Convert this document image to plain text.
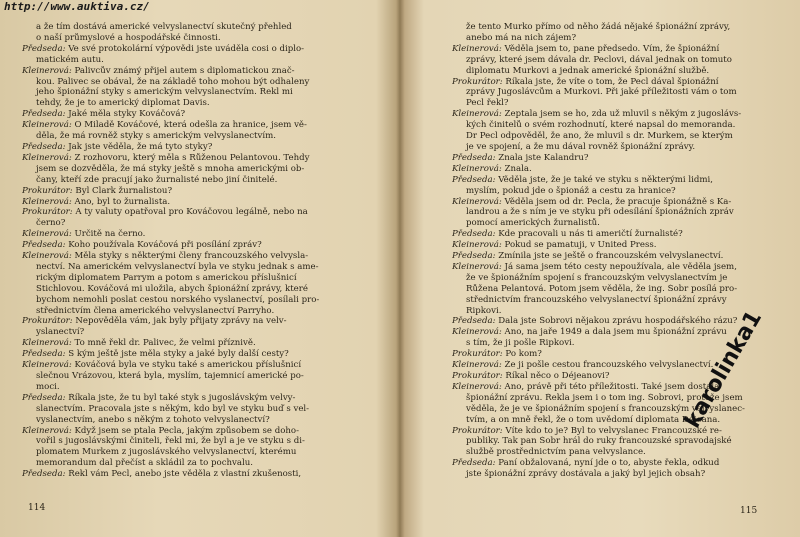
http://www.auktiva.cz/
a že tím dostává americké velvyslanectví skutečný přehled
o naší průmyslové a hospodářské činnosti.
Předseda: Ve své protokolární výpovědi jste uváděla cosi o diplo-
matickém autu.
Kleinerová: Palivcův známý přijel autem s diplomatickou znač-
kou. Palivec se obával, že na základě toho mohou být odhaleny
jeho špionážní styky s americkým velvyslanectvím. Řekl mi
tehdy, že je to americký diplomat Davis.
Předseda: Jaké měla styky Kováčová?
Kleinerová: O Miladě Kováčové, která odešla za hranice, jsem vě-
děla, že má rovněž styky s americkým velvyslanectvím.
Předseda: Jak jste věděla, že má tyto styky?
Kleinerová: Z rozhovoru, který měla s Růženou Pelantovou. Tehdy
jsem se dozvěděla, že má styky ještě s mnoha americkými ob-
čany, kteří zde pracují jako žurnalisté nebo jiní činitelé.
Prokurátor: Byl Clark žurnalistou?
Kleinerová: Ano, byl to žurnalista.
Prokurátor: A ty valuty opatřoval pro Kováčovou legálně, nebo na
černo?
Kleinerová: Určitě na černo.
Předseda: Koho používala Kováčová při posílání zpráv?
Kleinerová: Měla styky s některými členy francouzského velvysla-
nectví. Na americkém velvyslanectví byla ve styku jednak s ame-
rickým diplomatem Parrym a potom s americkou příslušnicí
Stichlovou. Kováčová mi uložila, abych špionážní zprávy, které
bychom nemohli poslat cestou norského vyslanectví, posílali pro-
střednictvím člena amerického velvyslanectví Parryho.
Prokurátor: Nepověděla vám, jak byly přijaty zprávy na velv-
yslanectví?
Kleinerová: To mně řekl dr. Palivec, že velmi příznivě.
Předseda: S kým ještě jste měla styky a jaké byly další cesty?
Kleinerová: Kováčová byla ve styku také s americkou příslušnicí
slečnou Vrázovou, která byla, myslím, tajemnicí americké po-
moci.
Předseda: Říkala jste, že tu byl také styk s jugoslávským velvy-
slanectvím. Pracovala jste s někým, kdo byl ve styku buď s vel-
vyslanectvím, anebo s někým z tohoto velvyslanectví?
Kleinerová: Když jsem se ptala Pecla, jakým způsobem se doho-
vořil s jugoslávskými činiteli, řekl mi, že byl a je ve styku s di-
plomatem Murkem z jugoslávského velvyslanectví, kterému
memorandum dal přečíst a skládil za to pochvalu.
Předseda: Řekl vám Pecl, anebo jste věděla z vlastní zkušenosti,
114
že tento Murko přímo od něho žádá nějaké špionážní zprávy,
anebo má na nich zájem?
Kleinerová: Věděla jsem to, pane předsedo. Vím, že špionážní
zprávy, které jsem dávala dr. Peclovi, dával jednak on tomuto
diplomatu Murkovi a jednak americké špionážní službě.
Prokurátor: Říkala jste, že víte o tom, že Pecl dával špionážní
zprávy Jugoslávcům a Murkovi. Při jaké příležitosti vám o tom
Pecl řekl?
Kleinerová: Zeptala jsem se ho, zda už mluvil s někým z jugoslávs-
kých činitelů o svém rozhodnutí, které napsal do memoranda.
Dr Pecl odpověděl, že ano, že mluvil s dr. Murkem, se kterým
je ve spojení, a že mu dával rovněž špionážní zprávy.
Předseda: Znala jste Kalandru?
Kleinerová: Znala.
Předseda: Věděla jste, že je také ve styku s některými lidmi,
myslím, pokud jde o špionáž a cestu za hranice?
Kleinerová: Věděla jsem od dr. Pecla, že pracuje špionážně s Ka-
landrou a že s ním je ve styku při odesílání špionážních zpráv
pomocí amerických žurnalistů.
Předseda: Kde pracovali u nás ti američtí žurnalisté?
Kleinerová: Pokud se pamatuji, v United Press.
Předseda: Zmínila jste se ještě o francouzském velvyslanectví.
Kleinerová: Já sama jsem této cesty nepoužívala, ale věděla jsem,
že ve špionážním spojení s francouzským velvyslanectvím je
Růžena Pelantová. Potom jsem věděla, že ing. Šobr posílá pro-
střednictvím francouzského velvyslanectví špionážní zprávy
Ripkovi.
Předseda: Dala jste Šobrovi nějakou zprávu hospodářského rázu?
Kleinerová: Ano, na jaře 1949 a dala jsem mu špionážní zprávu
s tím, že ji pošle Ripkovi.
Prokurátor: Po kom?
Kleinerová: Že ji pošle cestou francouzského velvyslanectví.
Prokurátor: Říkal něco o Déjeanovi?
Kleinerová: Ano, právě při této příležitosti. Také jsem dostala
špionážní zprávu. Řekla jsem i o tom ing. Šobrovi, protože jsem
věděla, že je ve špionážním spojení s francouzským velvyslanec-
tvím, a on mně řekl, že o tom uvědomí diplomata Déjeana.
Prokurátor: Víte kdo to je? Byl to velvyslanec Francouzské re-
publiky. Tak pan Šobr hrál do ruky francouzské spravodajské
službě prostřednictvím pana velvyslance.
Předseda: Paní obžalovaná, nyní jde o to, abyste řekla, odkud
jste špionážní zprávy dostávala a jaký byl jejich obsah?
115
karolinka1
